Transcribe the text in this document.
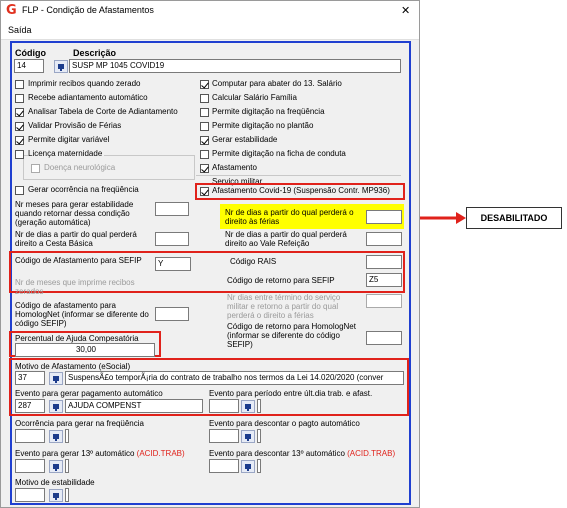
G FLP - Condição de Afastamentos	✕
Saída
Código	Descrição
14	SUSP MP 1045 COVID19
Imprimir recibos quando zerado
Recebe adiantamento automático
Analisar Tabela de Corte de Adiantamento
Validar Provisão de Férias
Permite digitar variável
Licença maternidade
Doença neurológica
Gerar ocorrência na freqüência
Computar para abater do 13. Salário
Calcular Salário Família
Permite digitação na freqüência
Permite digitação no plantão
Gerar estabilidade
Permite digitação na ficha de conduta
Afastamento
Serviço militar
Afastamento Covid-19 (Suspensão Contr. MP936)
Nr meses para gerar estabilidade quando retornar dessa condição (geração automática)
Nr de dias a partir do qual perderá o direito às férias
Nr de dias a partir do qual perderá direito a Cesta Básica
Nr de dias a partir do qual perderá direito ao Vale Refeição
Código de Afastamento para SEFIP	Y	Código RAIS
Código de retorno para SEFIP	Z5
Nr de meses que imprime recibos zerados
Nr dias entre término do serviço militar e retorno a partir do qual perderá o direito a férias
Código de afastamento para HomologNet (informar se diferente do código SEFIP)	Código de retorno para HomologNet (informar se diferente do código SEFIP)
Percentual de Ajuda Compesatória
30,00
Motivo de Afastamento (eSocial)
37	SuspensÃ£o temporÃ¡ria do contrato de trabalho nos termos da Lei 14.020/2020 (conver
Evento para gerar pagamento automático
287	AJUDA COMPENST
Evento para período entre últ.dia trab. e afast.
Ocorrência para gerar na freqüência	Evento para descontar o pagto automático
Evento para gerar 13º automático (ACID.TRAB)	Evento para descontar 13º automático (ACID.TRAB)
Motivo de estabilidade
DESABILITADO
